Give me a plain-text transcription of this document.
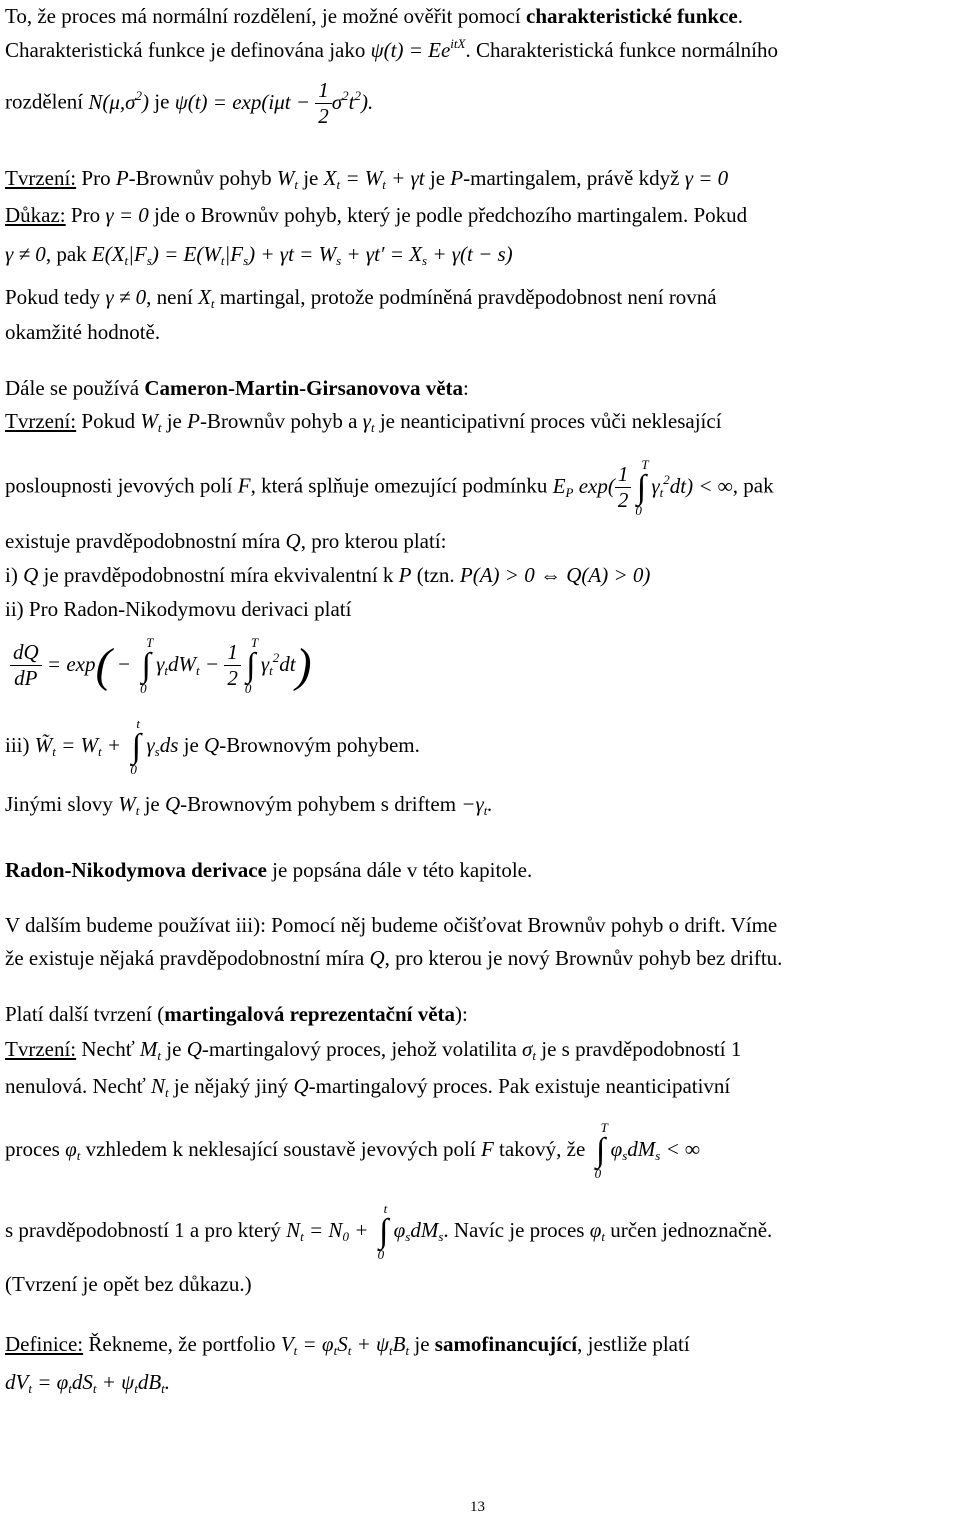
To, že proces má normální rozdělení, je možné ověřit pomocí charakteristické funkce.
Charakteristická funkce je definována jako $\psi(t) = Ee^{itX}$. Charakteristická funkce normálního
rozdělení $N(\mu,\sigma^2)$ je $\psi(t) = \exp(i\mu t - \frac{1}{2} \sigma^2t^2)$.
Tvrzení: Pro P-Brownův pohyb $W_t$ je $X_t = W_t + \gamma t$ je P-martingalem, právě když γ = 0
Důkaz: Pro γ = 0 jde o Brownův pohyb, který je podle předchozího martingalem. Pokud
γ ≠ 0, pak $E(X_t|F_s) = E(W_t|F_s) + \gamma t = W_s + \gamma t' = X_s + \gamma(t - s)$
Pokud tedy γ ≠ 0, není $X_t$ martingal, protože podmíněná pravděpodobnost není rovná
okamžité hodnotě.
Dále se používá Cameron-Martin-Girsanovova věta:
Tvrzení: Pokud $W_t$ je P-Brownův pohyb a $\gamma_t$ je neanticipativní proces vůči neklesající
posloupnosti jevových polí F, která splňuje omezující podmínku $E_P$ $\exp( \frac{1}{2}$ ∫
T
0
$\gamma_t^2dt$) < ∞, pak
existuje pravděpodobnostní míra Q, pro kterou platí:
i) Q je pravděpodobnostní míra ekvivalentní k P (tzn. P(A) > 0 ⇔ Q(A) > 0)
ii) Pro Radon-Nikodymovu derivaci platí
$\frac{dQ}{dP} = \exp$( − ∫
T
0
$\gamma_tdW_t - \frac{1}{2}$ ∫
T
0
$\gamma_t^2dt$)
iii) $W̃_t = W_t$ + ∫
t
0
$\gamma_sds$ je Q-Brownovým pohybem.
Jinými slovy $W_t$ je Q-Brownovým pohybem s driftem $-\gamma_t$.
Radon-Nikodymova derivace je popsána dále v této kapitole.
V dalším budeme používat iii): Pomocí něj budeme očišťovat Brownův pohyb o drift. Víme
že existuje nějaká pravděpodobnostní míra Q, pro kterou je nový Brownův pohyb bez driftu.
Platí další tvrzení (martingalová reprezentační věta):
Tvrzení: Nechť $M_t$ je Q-martingalový proces, jehož volatilita $\sigma_t$ je s pravděpodobností 1
nenulová. Nechť $N_t$ je nějaký jiný Q-martingalový proces. Pak existuje neanticipativní
proces $\varphi_t$ vzhledem k neklesající soustavě jevových polí F takový, že ∫
T
0
$\varphi_sdM_s$ < ∞
s pravděpodobností 1 a pro který $N_t = N_0$ + ∫
t
0
$\varphi_sdM_s$. Navíc je proces $\varphi_t$ určen jednoznačně.
(Tvrzení je opět bez důkazu.)
Definice: Řekneme, že portfolio $V_t = \varphi_tS_t + \psi_tB_t$ je samofinancující, jestliže platí
$dV_t = \varphi_tdS_t + \psi_tdB_t$.
13
